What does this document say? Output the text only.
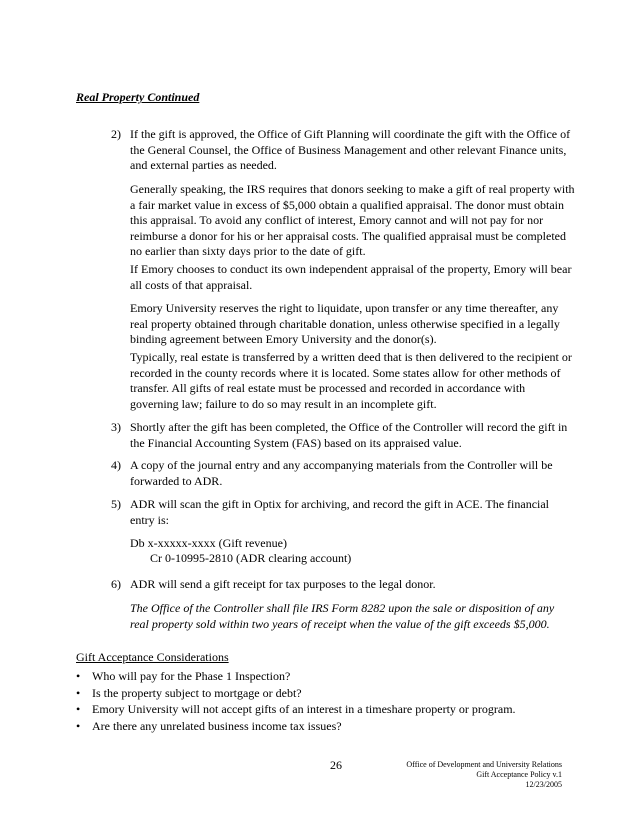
Real Property Continued
2) If the gift is approved, the Office of Gift Planning will coordinate the gift with the Office of the General Counsel, the Office of Business Management and other relevant Finance units, and external parties as needed.
Generally speaking, the IRS requires that donors seeking to make a gift of real property with a fair market value in excess of $5,000 obtain a qualified appraisal. The donor must obtain this appraisal. To avoid any conflict of interest, Emory cannot and will not pay for nor reimburse a donor for his or her appraisal costs. The qualified appraisal must be completed no earlier than sixty days prior to the date of gift.
If Emory chooses to conduct its own independent appraisal of the property, Emory will bear all costs of that appraisal.
Emory University reserves the right to liquidate, upon transfer or any time thereafter, any real property obtained through charitable donation, unless otherwise specified in a legally binding agreement between Emory University and the donor(s).
Typically, real estate is transferred by a written deed that is then delivered to the recipient or recorded in the county records where it is located. Some states allow for other methods of transfer. All gifts of real estate must be processed and recorded in accordance with governing law; failure to do so may result in an incomplete gift.
3) Shortly after the gift has been completed, the Office of the Controller will record the gift in the Financial Accounting System (FAS) based on its appraised value.
4) A copy of the journal entry and any accompanying materials from the Controller will be forwarded to ADR.
5) ADR will scan the gift in Optix for archiving, and record the gift in ACE. The financial entry is:
Db x-xxxxx-xxxx (Gift revenue)
Cr 0-10995-2810 (ADR clearing account)
6) ADR will send a gift receipt for tax purposes to the legal donor.
The Office of the Controller shall file IRS Form 8282 upon the sale or disposition of any real property sold within two years of receipt when the value of the gift exceeds $5,000.
Gift Acceptance Considerations
• Who will pay for the Phase 1 Inspection?
• Is the property subject to mortgage or debt?
• Emory University will not accept gifts of an interest in a timeshare property or program.
• Are there any unrelated business income tax issues?
26	Office of Development and University Relations
Gift Acceptance Policy v.1
12/23/2005
